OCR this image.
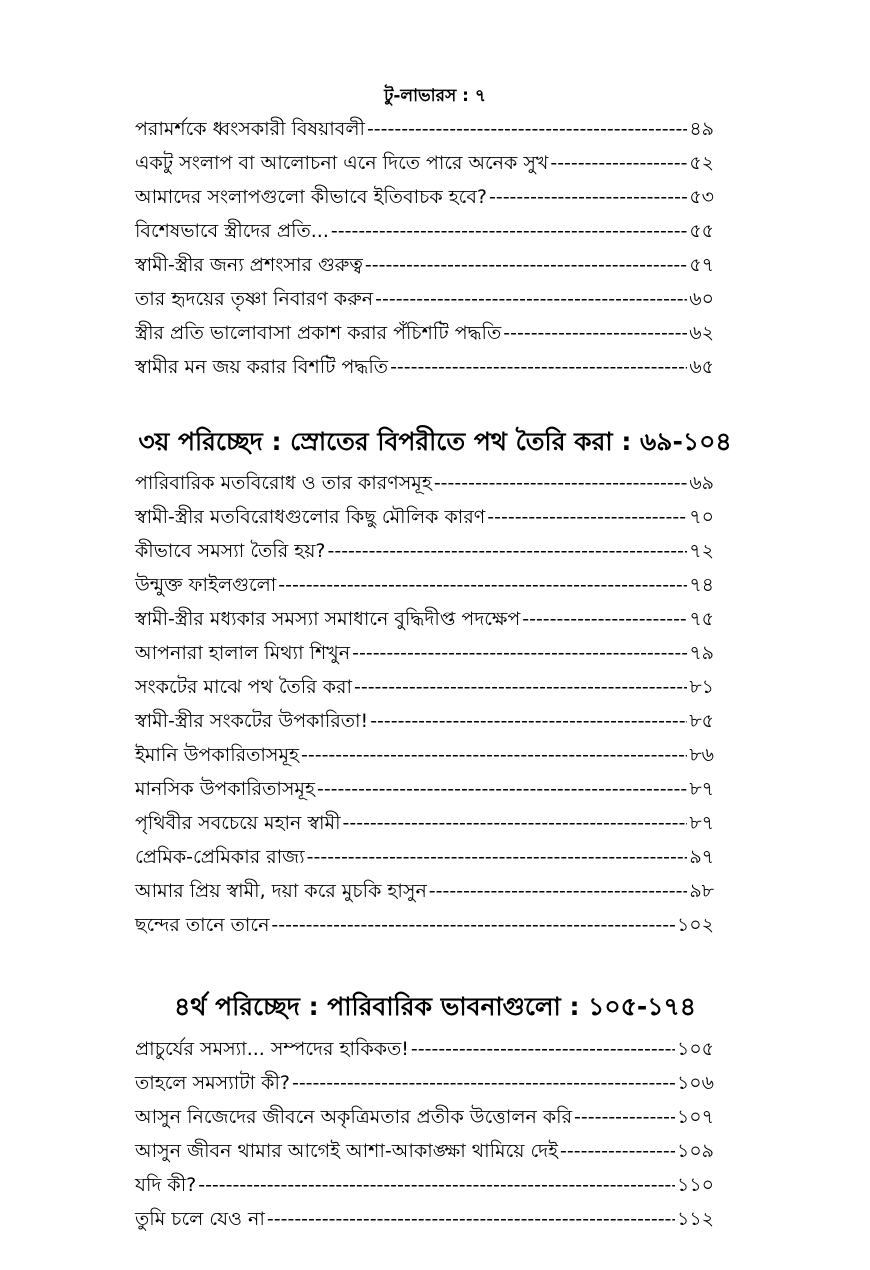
টু-লাভারস : ৭
পরামর্শকে ধ্বংসকারী বিষয়াবলী -----	৪৯
একটু সংলাপ বা আলোচনা এনে দিতে পারে অনেক সুখ -----	৫২
আমাদের সংলাপগুলো কীভাবে ইতিবাচক হবে? -----	৫৩
বিশেষভাবে স্ত্রীদের প্রতি... -----	৫৫
স্বামী-স্ত্রীর জন্য প্রশংসার গুরুত্ব -----	৫৭
তার হৃদয়ের তৃষ্ণা নিবারণ করুন -----	৬০
স্ত্রীর প্রতি ভালোবাসা প্রকাশ করার পঁচিশটি পদ্ধতি -----	৬২
স্বামীর মন জয় করার বিশটি পদ্ধতি -----	৬৫
৩য় পরিচ্ছেদ : স্রোতের বিপরীতে পথ তৈরি করা : ৬৯-১০৪
পারিবারিক মতবিরোধ ও তার কারণসমূহ -----	৬৯
স্বামী-স্ত্রীর মতবিরোধগুলোর কিছু মৌলিক কারণ -----	৭০
কীভাবে সমস্যা তৈরি হয়? -----	৭২
উন্মুক্ত ফাইলগুলো -----	৭৪
স্বামী-স্ত্রীর মধ্যকার সমস্যা সমাধানে বুদ্ধিদীপ্ত পদক্ষেপ -----	৭৫
আপনারা হালাল মিথ্যা শিখুন -----	৭৯
সংকটের মাঝে পথ তৈরি করা -----	৮১
স্বামী-স্ত্রীর সংকটের উপকারিতা! -----	৮৫
ইমানি উপকারিতাসমূহ -----	৮৬
মানসিক উপকারিতাসমূহ -----	৮৭
পৃথিবীর সবচেয়ে মহান স্বামী -----	৮৭
প্রেমিক-প্রেমিকার রাজ্য -----	৯৭
আমার প্রিয় স্বামী, দয়া করে মুচকি হাসুন -----	৯৮
ছন্দের তানে তানে -----	১০২
৪র্থ পরিচ্ছেদ : পারিবারিক ভাবনাগুলো : ১০৫-১৭৪
প্রাচুর্যের সমস্যা... সম্পদের হাকিকত! -----	১০৫
তাহলে সমস্যাটা কী? -----	১০৬
আসুন নিজেদের জীবনে অকৃত্রিমতার প্রতীক উত্তোলন করি -----	১০৭
আসুন জীবন থামার আগেই আশা-আকাঙ্ক্ষা থামিয়ে দেই -----	১০৯
যদি কী? -----	১১০
তুমি চলে যেও না -----	১১২
